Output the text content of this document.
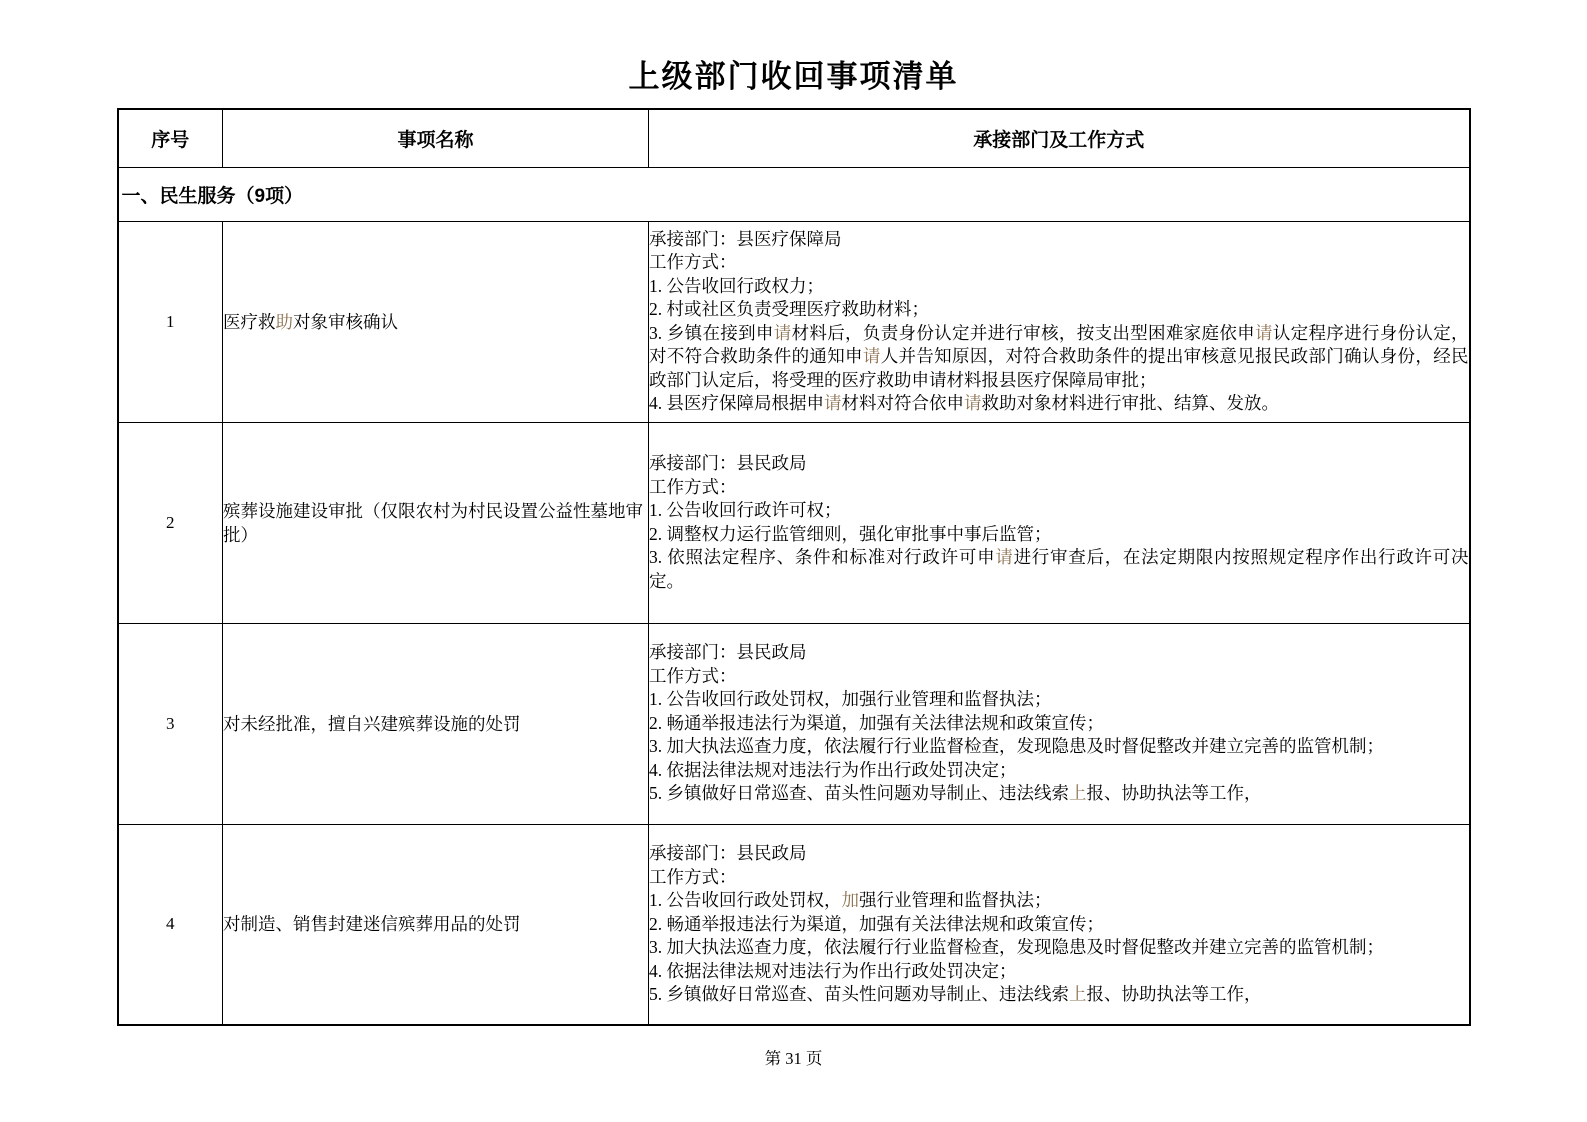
上级部门收回事项清单
序号	事项名称	承接部门及工作方式
一、民生服务（9项）		
1	医疗救助对象审核确认	
承接部门：县医疗保障局
工作方式：
1. 公告收回行政权力；
2. 村或社区负责受理医疗救助材料；
3. 乡镇在接到申请材料后，负责身份认定并进行审核，按支出型困难家庭依申请认定程序进行身份认定，对不符合救助条件的通知申请人并告知原因，对符合救助条件的提出审核意见报民政部门确认身份，经民政部门认定后，将受理的医疗救助申请材料报县医疗保障局审批；
4. 县医疗保障局根据申请材料对符合依申请救助对象材料进行审批、结算、发放。

2	殡葬设施建设审批（仅限农村为村民设置公益性墓地审批）	承接部门：县民政局
工作方式：
1. 公告收回行政许可权；
2. 调整权力运行监管细则，强化审批事中事后监管；
3. 依照法定程序、条件和标准对行政许可申请进行审查后，在法定期限内按照规定程序作出行政许可决定。

3	对未经批准，擅自兴建殡葬设施的处罚	
承接部门：县民政局
工作方式：
1. 公告收回行政处罚权，加强行业管理和监督执法；
2. 畅通举报违法行为渠道，加强有关法律法规和政策宣传；
3. 加大执法巡查力度，依法履行行业监督检查，发现隐患及时督促整改并建立完善的监管机制；
4. 依据法律法规对违法行为作出行政处罚决定；
5. 乡镇做好日常巡查、苗头性问题劝导制止、违法线索上报、协助执法等工作，

4	对制造、销售封建迷信殡葬用品的处罚	
承接部门：县民政局
工作方式：
1. 公告收回行政处罚权，加强行业管理和监督执法；
2. 畅通举报违法行为渠道，加强有关法律法规和政策宣传；
3. 加大执法巡查力度，依法履行行业监督检查，发现隐患及时督促整改并建立完善的监管机制；
4. 依据法律法规对违法行为作出行政处罚决定；
5. 乡镇做好日常巡查、苗头性问题劝导制止、违法线索上报、协助执法等工作，
第 31 页
